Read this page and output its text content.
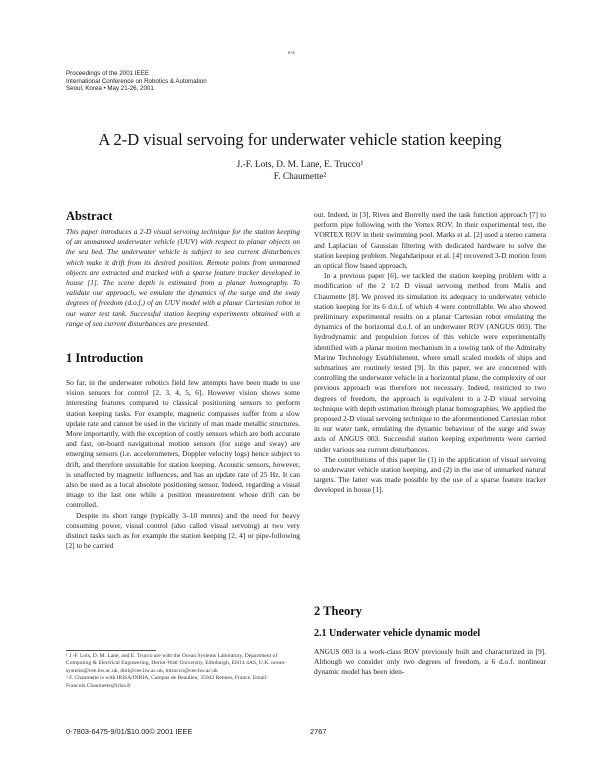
s-s
Proceedings of the 2001 IEEE
International Conference on Robotics & Automation
Seoul, Korea • May 21-26, 2001
A 2-D visual servoing for underwater vehicle station keeping
J.-F. Lots, D. M. Lane, E. Trucco¹
F. Chaumette²
Abstract

This paper introduces a 2-D visual servoing technique for the station keeping of an unmanned underwater vehicle (UUV) with respect to planar objects on the sea bed. The underwater vehicle is subject to sea current disturbances which make it drift from its desired position. Remote points from unmanned objects are extracted and tracked with a sparse feature tracker developed in house [1]. The scene depth is estimated from a planar homography. To validate our approach, we emulate the dynamics of the surge and the sway degrees of freedom (d.o.f.) of an UUV model with a planar Cartesian robot in our water test tank. Successful station keeping experiments obtained with a range of sea current disturbances are presented.

1 Introduction

So far, in the underwater robotics field few attempts have been made to use vision sensors for control [2, 3, 4, 5, 6]. However vision shows some interesting features compared to classical positioning sensors to perform station keeping tasks. For example, magnetic compasses suffer from a slow update rate and cannot be used in the vicinity of man made metallic structures. More importantly, with the exception of costly sensors which are both accurate and fast, on-board navigational motion sensors (for surge and sway) are emerging sensors (i.e. accelerometers, Doppler velocity logs) hence subject to drift, and therefore unsuitable for station keeping. Acoustic sensors, however, is unaffected by magnetic influences, and has an update rate of 25 Hz. It can also be used as a local absolute positioning sensor. Indeed, regarding a visual image to the last one while a position measurement whose drift can be controlled.

Despite its short range (typically 3–10 metres) and the need for heavy consuming power, visual control (also called visual servoing) at two very distinct tasks such as for example the station keeping [2, 4] or pipe-following [2] to be carried

¹ J.-F. Lots, D. M. Lane, and E. Trucco are with the Ocean Systems Laboratory, Department of Computing & Electrical Engineering, Heriot-Watt University, Edinburgh, EH14 4AS, U.K. ocean-systems@cee.hw.ac.uk, dml@cee.hw.ac.uk, mtrucco@cee.hw.ac.uk

² F. Chaumette is with IRISA/INRIA, Campus de Beaulieu, 35042 Rennes, France. Email: Francois.Chaumette@irisa.fr

out. Indeed, in [3], Rives and Borrelly used the task function approach [7] to perform pipe following with the Vortex ROV. In their experimental test, the VORTEX ROV in their swimming pool. Marks et al. [2] used a stereo camera and Laplacian of Gaussian filtering with dedicated hardware to solve the station keeping problem. Negahdaripour et al. [4] recovered 3-D motion from an optical flow based approach.

In a previous paper [6], we tackled the station keeping problem with a modification of the 2 1/2 D visual servoing method from Malis and Chaumette [8]. We proved its simulation its adequacy to underwater vehicle station keeping for its 6 d.o.f. of which 4 were controllable. We also showed preliminary experimental results on a planar Cartesian robot emulating the dynamics of the horizontal d.o.f. of an underwater ROV (ANGUS 003). The hydrodynamic and propulsion forces of this vehicle were experimentally identified with a planar motion mechanism in a towing tank of the Admiralty Marine Technology Establishment, where small scaled models of ships and submarines are routinely tested [9]. In this paper, we are concerned with controlling the underwater vehicle in a horizontal plane, the complexity of our previous approach was therefore not necessary. Indeed, restricted to two degrees of freedom, the approach is equivalent to a 2-D visual servoing technique with depth estimation through planar homographies. We applied the proposed 2-D visual servoing technique to the aforementioned Cartesian robot in our water tank, emulating the dynamic behaviour of the surge and sway axis of ANGUS 003. Successful station keeping experiments were carried under various sea current disturbances.

The contributions of this paper lie (1) in the application of visual servoing to underwater vehicle station keeping, and (2) in the use of unmarked natural targets. The latter was made possible by the use of a sparse feature tracker developed in house [1].

2 Theory
2.1 Underwater vehicle dynamic model

ANGUS 003 is a work-class ROV previously built and characterized in [9]. Although we consider only two degrees of freedom, a 6 d.o.f. nonlinear dynamic model has been iden-

0-7803-6475-9/01/$10.00© 2001 IEEE	2767
